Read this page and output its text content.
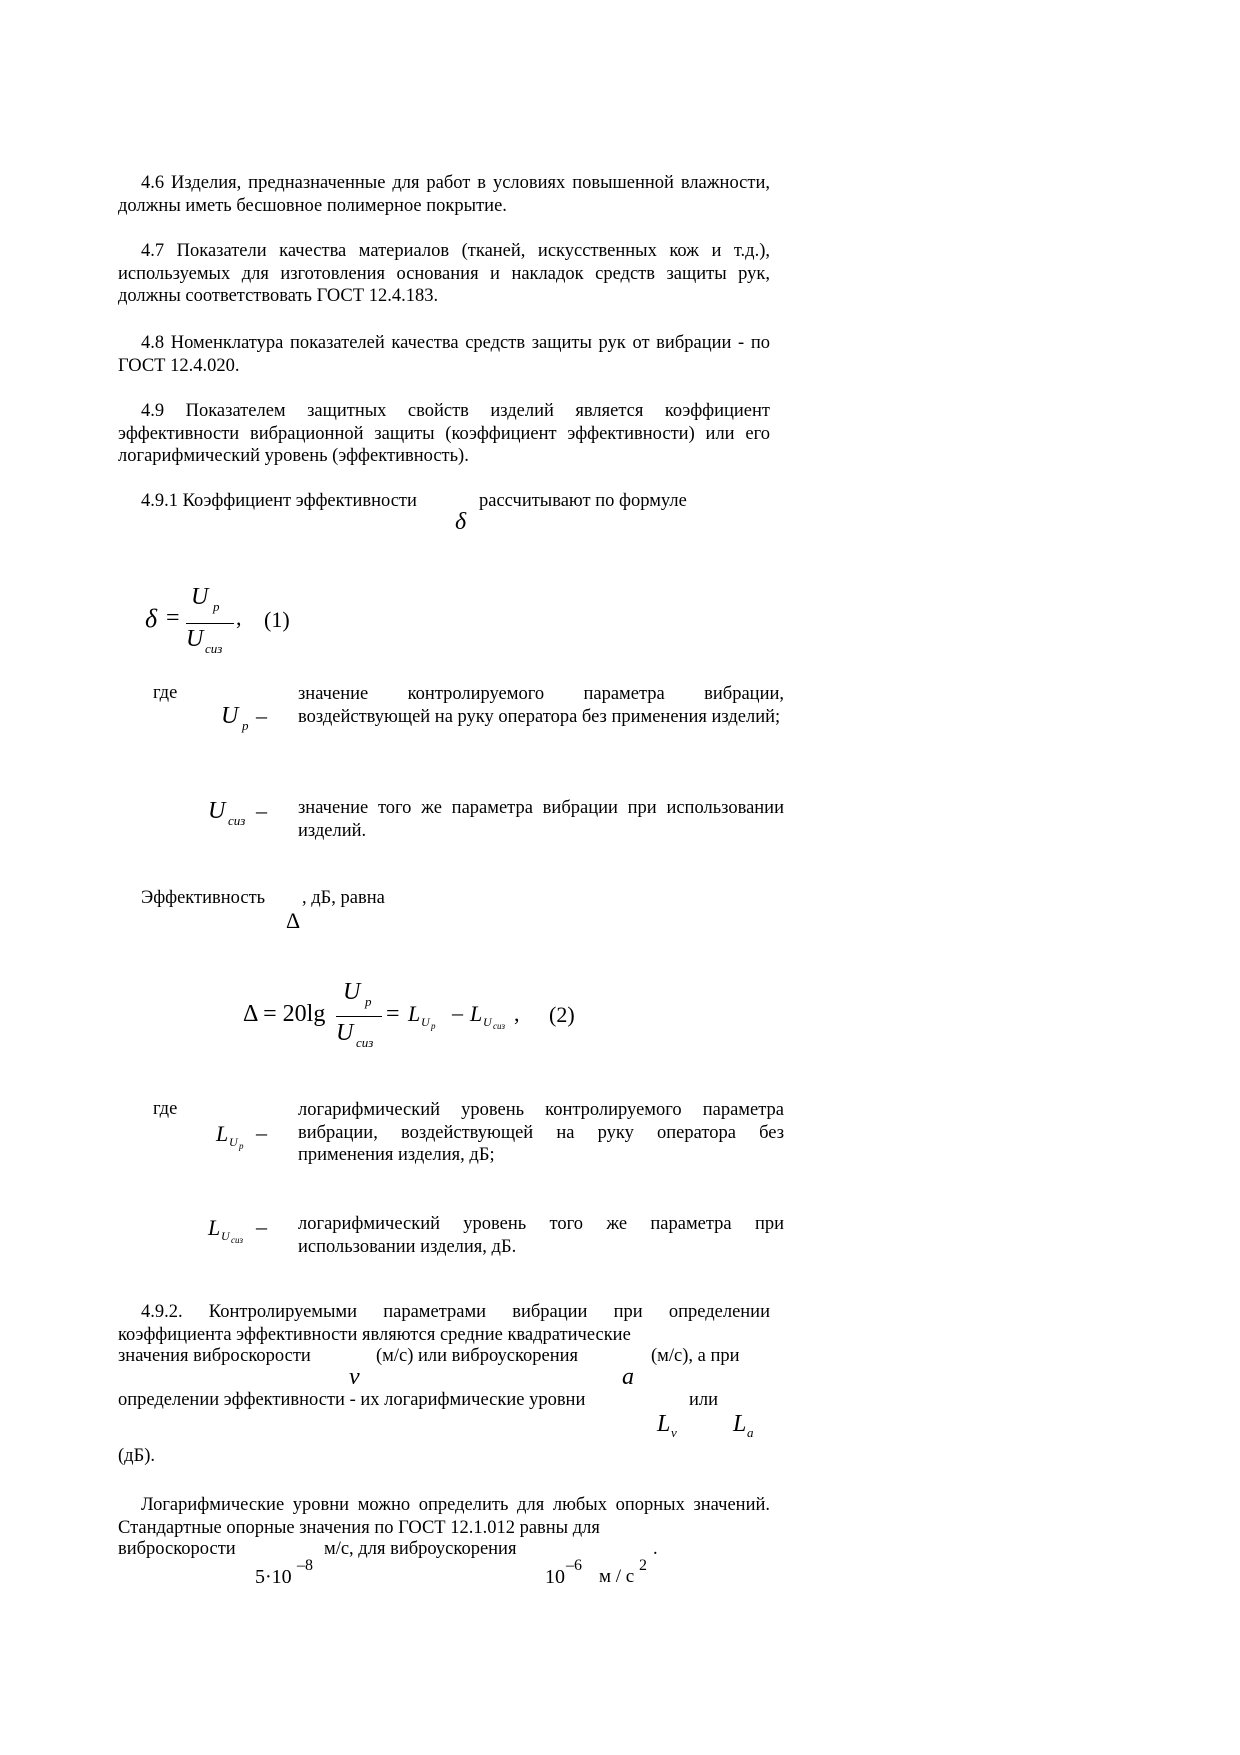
4.6 Изделия, предназначенные для работ в условиях повышенной влажности, должны иметь бесшовное полимерное покрытие.
4.7 Показатели качества материалов (тканей, искусственных кож и т.д.), используемых для изготовления основания и накладок средств защиты рук, должны соответствовать ГОСТ 12.4.183.
4.8 Номенклатура показателей качества средств защиты рук от вибрации - по ГОСТ 12.4.020.
4.9 Показателем защитных свойств изделий является коэффициент эффективности вибрационной защиты (коэффициент эффективности) или его логарифмический уровень (эффективность).
4.9.1 Коэффициент эффективности
δ
рассчитывают по формуле
δ =
U р
U сиз
, (1)
где
U р –
значение контролируемого параметра вибрации, воздействующей на руку оператора без применения изделий;
U сиз – значение того же параметра вибрации при использовании изделий.
Эффективность
Δ
, дБ, равна
Δ = 20lg
U р
U сиз
= L U р
– L U сиз , (2)
где
L U р
–
логарифмический уровень контролируемого параметра вибрации, воздействующей на руку оператора без применения изделия, дБ;
L U сиз
– логарифмический уровень того же параметра при использовании изделия, дБ.
4.9.2. Контролируемыми параметрами вибрации при определении коэффициента эффективности являются средние квадратические
значения виброскорости
v
(м/с) или виброускорения
a
(м/с), а при
определении эффективности - их логарифмические уровни	или
L v L a
(дБ).
Логарифмические уровни можно определить для любых опорных значений. Стандартные опорные значения по ГОСТ 12.1.012 равны для
виброскорости	м/с, для виброускорения	.
5·10
–8
10
–6
м / с
2
